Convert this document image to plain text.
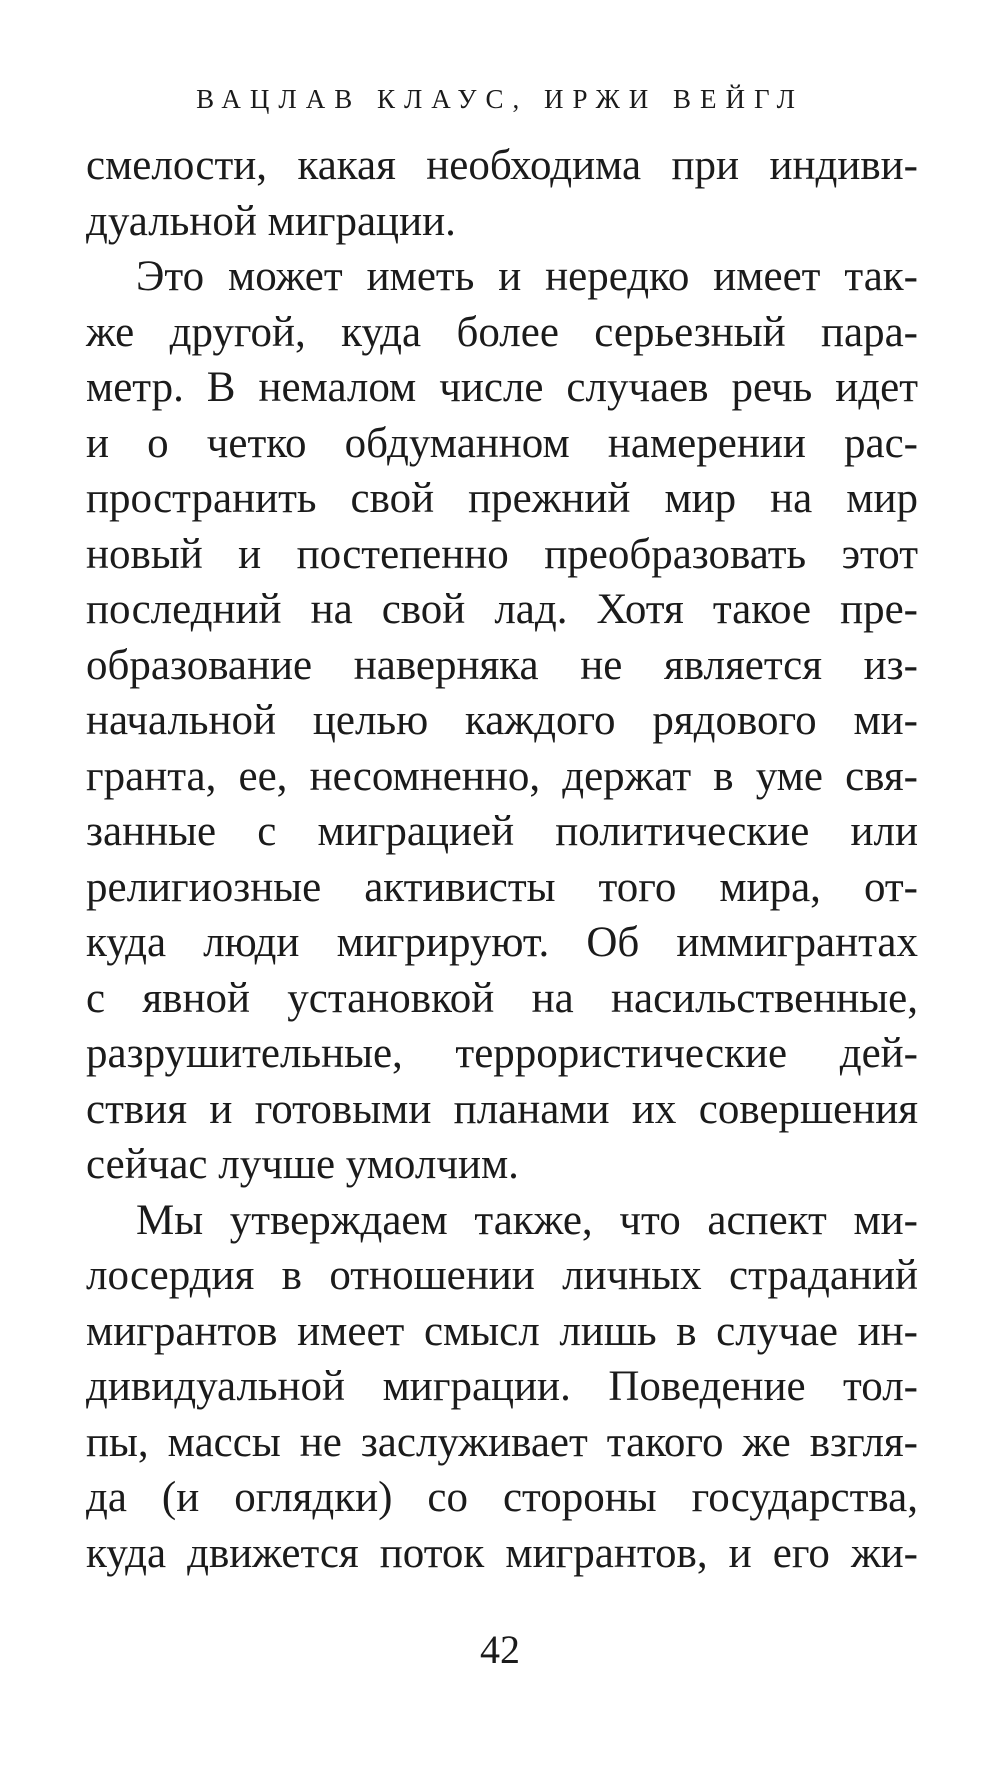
ВАЦЛАВ КЛАУС, ИРЖИ ВЕЙГЛ
смелости, какая необходима при индиви-
дуальной миграции.
Это может иметь и нередко имеет так-
же другой, куда более серьезный пара-
метр. В немалом числе случаев речь идет
и о четко обдуманном намерении рас-
пространить свой прежний мир на мир
новый и постепенно преобразовать этот
последний на свой лад. Хотя такое пре-
образование наверняка не является из-
начальной целью каждого рядового ми-
гранта, ее, несомненно, держат в уме свя-
занные с миграцией политические или
религиозные активисты того мира, от-
куда люди мигрируют. Об иммигрантах
с явной установкой на насильственные,
разрушительные, террористические дей-
ствия и готовыми планами их совершения
сейчас лучше умолчим.
Мы утверждаем также, что аспект ми-
лосердия в отношении личных страданий
мигрантов имеет смысл лишь в случае ин-
дивидуальной миграции. Поведение тол-
пы, массы не заслуживает такого же взгля-
да (и оглядки) со стороны государства,
куда движется поток мигрантов, и его жи-
42
